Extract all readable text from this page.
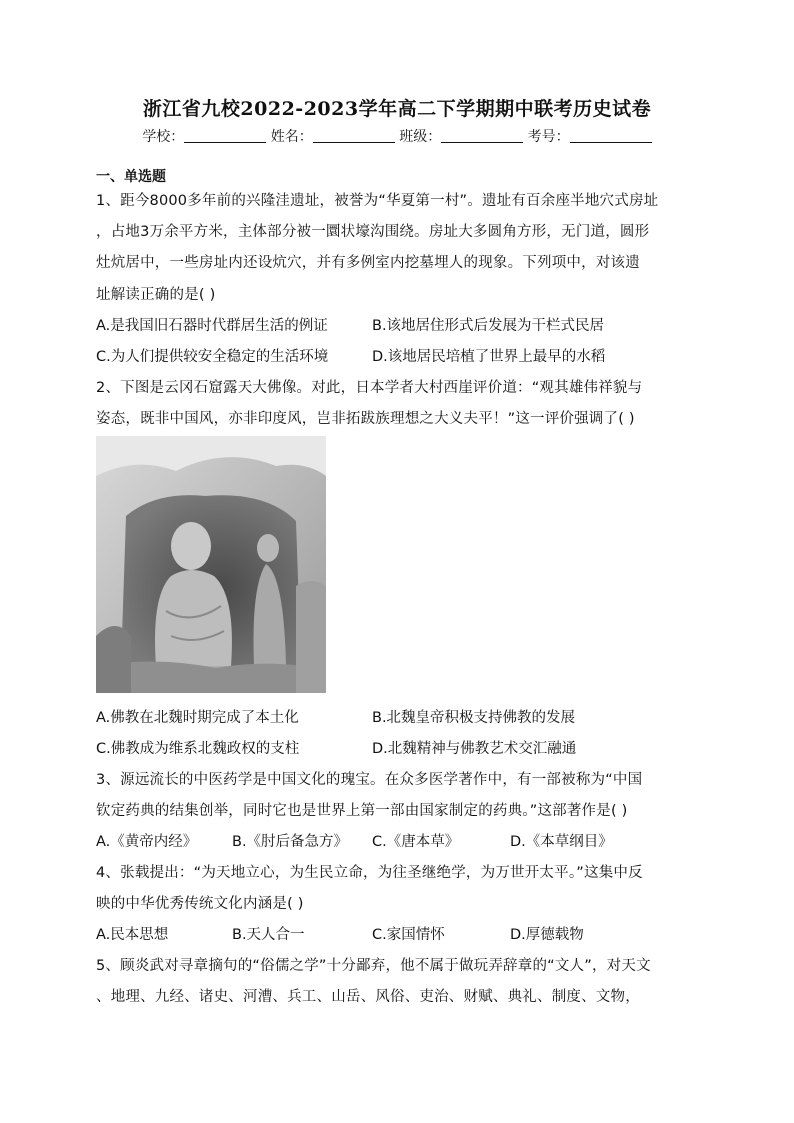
浙江省九校2022-2023学年高二下学期期中联考历史试卷
学校：	姓名：	班级：	考号：
一、单选题
1、距今8000多年前的兴隆洼遗址，被誉为“华夏第一村”。遗址有百余座半地穴式房址
，占地3万余平方米，主体部分被一圜状壕沟围绕。房址大多圆角方形，无门道，圆形
灶炕居中，一些房址内还设炕穴，并有多例室内挖墓埋人的现象。下列项中，对该遗
址解读正确的是( )
A.是我国旧石器时代群居生活的例证	B.该地居住形式后发展为干栏式民居
C.为人们提供较安全稳定的生活环境	D.该地居民培植了世界上最早的水稻
2、下图是云冈石窟露天大佛像。对此，日本学者大村西崖评价道：“观其雄伟祥貌与
姿态，既非中国风，亦非印度风，岂非拓跋族理想之大义夫平！”这一评价强调了( )
A.佛教在北魏时期完成了本土化	B.北魏皇帝积极支持佛教的发展
C.佛教成为维系北魏政权的支柱	D.北魏精神与佛教艺术交汇融通
3、源远流长的中医药学是中国文化的瑰宝。在众多医学著作中，有一部被称为“中国
钦定药典的结集创举，同时它也是世界上第一部由国家制定的药典。”这部著作是( )
A.《黄帝内经》 B.《肘后备急方》 C.《唐本草》	D.《本草纲目》
4、张载提出：“为天地立心，为生民立命，为往圣继绝学，为万世开太平。”这集中反
映的中华优秀传统文化内涵是( )
A.民本思想	B.天人合一	C.家国情怀	D.厚德载物
5、顾炎武对寻章摘句的“俗儒之学”十分鄙弃，他不属于做玩弄辞章的“文人”，对天文
、地理、九经、诸史、河漕、兵工、山岳、风俗、吏治、财赋、典礼、制度、文物，
